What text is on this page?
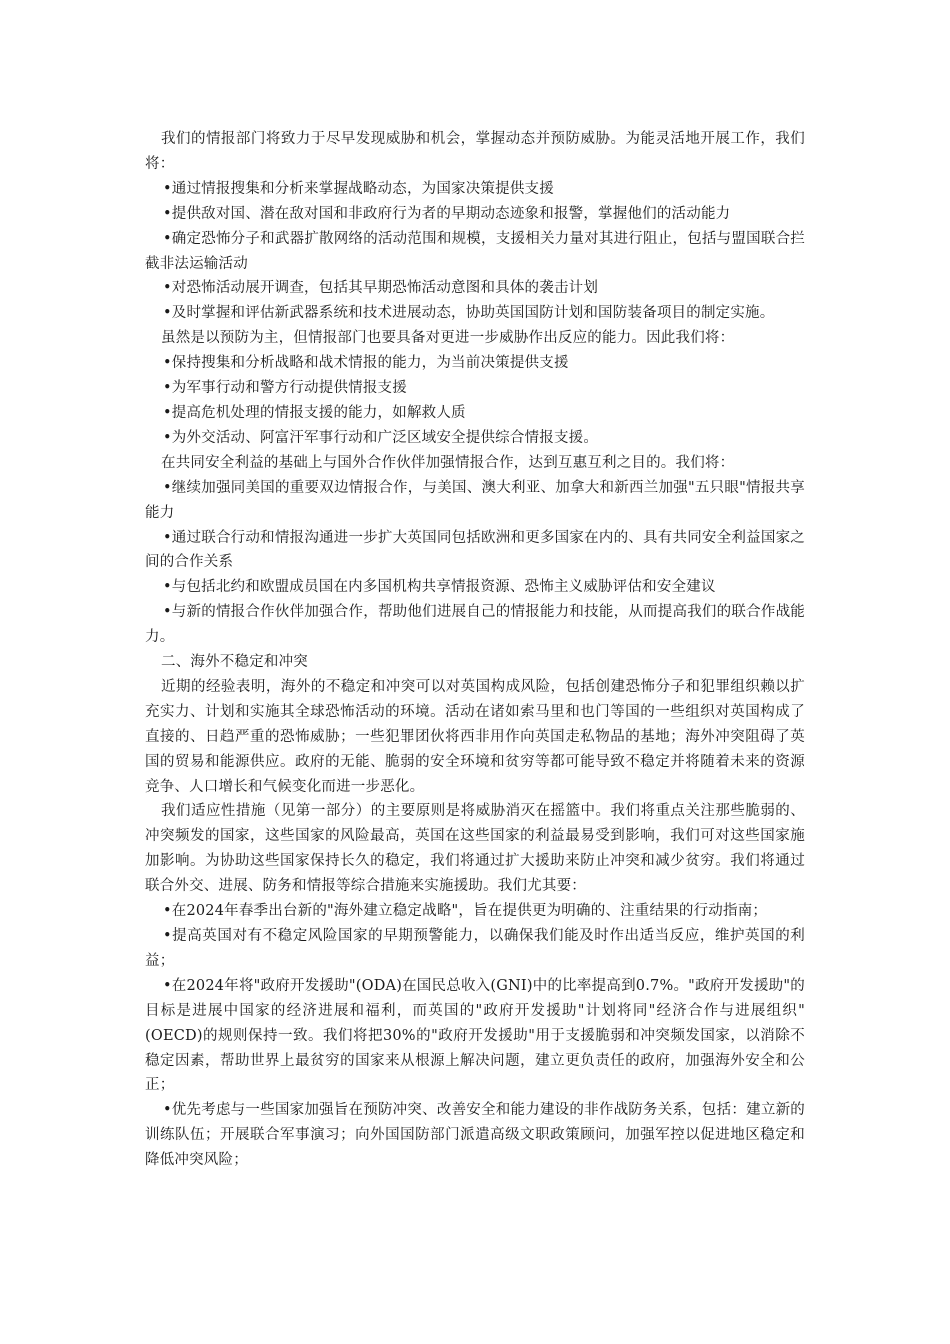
我们的情报部门将致力于尽早发现威胁和机会，掌握动态并预防威胁。为能灵活地开展工作，我们将：

•通过情报搜集和分析来掌握战略动态，为国家决策提供支援

•提供敌对国、潜在敌对国和非政府行为者的早期动态迹象和报警，掌握他们的活动能力

•确定恐怖分子和武器扩散网络的活动范围和规模，支援相关力量对其进行阻止，包括与盟国联合拦截非法运输活动

•对恐怖活动展开调查，包括其早期恐怖活动意图和具体的袭击计划

•及时掌握和评估新武器系统和技术进展动态，协助英国国防计划和国防装备项目的制定实施。

虽然是以预防为主，但情报部门也要具备对更进一步威胁作出反应的能力。因此我们将：

•保持搜集和分析战略和战术情报的能力，为当前决策提供支援

•为军事行动和警方行动提供情报支援

•提高危机处理的情报支援的能力，如解救人质

•为外交活动、阿富汗军事行动和广泛区域安全提供综合情报支援。

在共同安全利益的基础上与国外合作伙伴加强情报合作，达到互惠互利之目的。我们将：

•继续加强同美国的重要双边情报合作，与美国、澳大利亚、加拿大和新西兰加强"五只眼"情报共享能力

•通过联合行动和情报沟通进一步扩大英国同包括欧洲和更多国家在内的、具有共同安全利益国家之间的合作关系

•与包括北约和欧盟成员国在内多国机构共享情报资源、恐怖主义威胁评估和安全建议

•与新的情报合作伙伴加强合作，帮助他们进展自己的情报能力和技能，从而提高我们的联合作战能力。

二、海外不稳定和冲突

近期的经验表明，海外的不稳定和冲突可以对英国构成风险，包括创建恐怖分子和犯罪组织赖以扩充实力、计划和实施其全球恐怖活动的环境。活动在诸如索马里和也门等国的一些组织对英国构成了直接的、日趋严重的恐怖威胁；一些犯罪团伙将西非用作向英国走私物品的基地；海外冲突阻碍了英国的贸易和能源供应。政府的无能、脆弱的安全环境和贫穷等都可能导致不稳定并将随着未来的资源竞争、人口增长和气候变化而进一步恶化。

我们适应性措施（见第一部分）的主要原则是将威胁消灭在摇篮中。我们将重点关注那些脆弱的、冲突频发的国家，这些国家的风险最高，英国在这些国家的利益最易受到影响，我们可对这些国家施加影响。为协助这些国家保持长久的稳定，我们将通过扩大援助来防止冲突和减少贫穷。我们将通过联合外交、进展、防务和情报等综合措施来实施援助。我们尤其要：

•在2024年春季出台新的"海外建立稳定战略"，旨在提供更为明确的、注重结果的行动指南；

•提高英国对有不稳定风险国家的早期预警能力，以确保我们能及时作出适当反应，维护英国的利益；

•在2024年将"政府开发援助"(ODA)在国民总收入(GNI)中的比率提高到0.7%。"政府开发援助"的目标是进展中国家的经济进展和福利，而英国的"政府开发援助"计划将同"经济合作与进展组织" (OECD)的规则保持一致。我们将把30%的"政府开发援助"用于支援脆弱和冲突频发国家，以消除不稳定因素，帮助世界上最贫穷的国家来从根源上解决问题，建立更负责任的政府，加强海外安全和公正；

•优先考虑与一些国家加强旨在预防冲突、改善安全和能力建设的非作战防务关系，包括：建立新的训练队伍；开展联合军事演习；向外国国防部门派遣高级文职政策顾问，加强军控以促进地区稳定和降低冲突风险；
